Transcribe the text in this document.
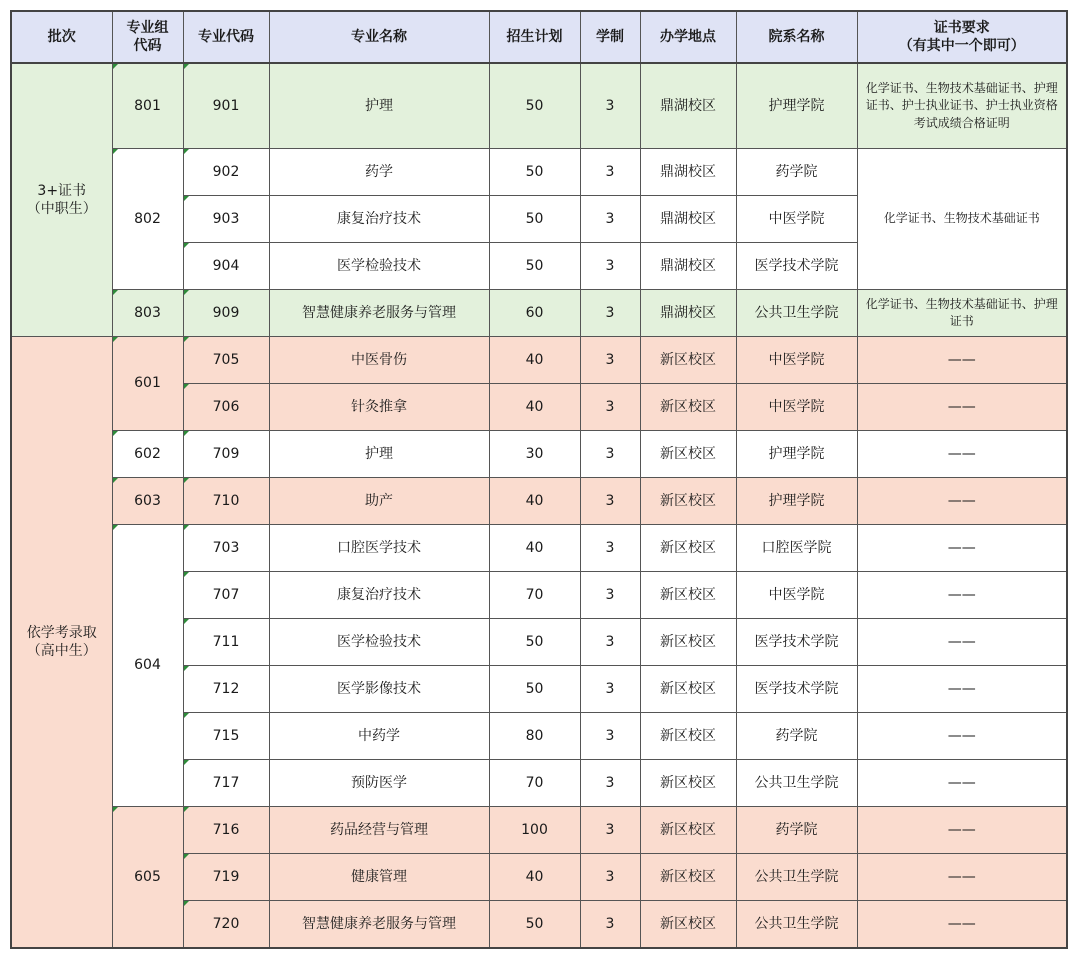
批次	专业组
代码	专业代码	专业名称	招生计划	学制	办学地点	院系名称	证书要求
（有其中一个即可）

3+证书
（中职生）	801	901	护理	50	3	鼎湖校区	护理学院	化学证书、生物技术基础证书、护理证书、护士执业证书、护士执业资格考试成绩合格证明
	802	902	药学	50	3	鼎湖校区	药学院	化学证书、生物技术基础证书
		903	康复治疗技术	50	3	鼎湖校区	中医学院	
		904	医学检验技术	50	3	鼎湖校区	医学技术学院	
	803	909	智慧健康养老服务与管理	60	3	鼎湖校区	公共卫生学院	化学证书、生物技术基础证书、护理证书

依学考录取
（高中生）	601	705	中医骨伤	40	3	新区校区	中医学院	——
		706	针灸推拿	40	3	新区校区	中医学院	——
	602	709	护理	30	3	新区校区	护理学院	——
	603	710	助产	40	3	新区校区	护理学院	——
	604	703	口腔医学技术	40	3	新区校区	口腔医学院	——
		707	康复治疗技术	70	3	新区校区	中医学院	——
		711	医学检验技术	50	3	新区校区	医学技术学院	——
		712	医学影像技术	50	3	新区校区	医学技术学院	——
		715	中药学	80	3	新区校区	药学院	——
		717	预防医学	70	3	新区校区	公共卫生学院	——
	605	716	药品经营与管理	100	3	新区校区	药学院	——
		719	健康管理	40	3	新区校区	公共卫生学院	——
		720	智慧健康养老服务与管理	50	3	新区校区	公共卫生学院	——
